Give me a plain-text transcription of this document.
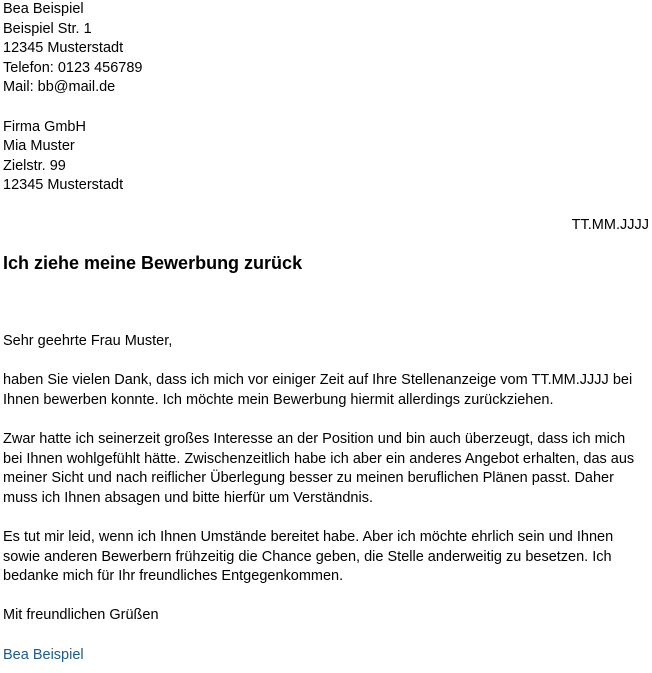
Bea Beispiel
Beispiel Str. 1
12345 Musterstadt
Telefon: 0123 456789
Mail: bb@mail.de
Firma GmbH
Mia Muster
Zielstr. 99
12345 Musterstadt
TT.MM.JJJJ
Ich ziehe meine Bewerbung zurück
Sehr geehrte Frau Muster,
haben Sie vielen Dank, dass ich mich vor einiger Zeit auf Ihre Stellenanzeige vom TT.MM.JJJJ bei
Ihnen bewerben konnte. Ich möchte mein Bewerbung hiermit allerdings zurückziehen.
Zwar hatte ich seinerzeit großes Interesse an der Position und bin auch überzeugt, dass ich mich
bei Ihnen wohlgefühlt hätte. Zwischenzeitlich habe ich aber ein anderes Angebot erhalten, das aus
meiner Sicht und nach reiflicher Überlegung besser zu meinen beruflichen Plänen passt. Daher
muss ich Ihnen absagen und bitte hierfür um Verständnis.
Es tut mir leid, wenn ich Ihnen Umstände bereitet habe. Aber ich möchte ehrlich sein und Ihnen
sowie anderen Bewerbern frühzeitig die Chance geben, die Stelle anderweitig zu besetzen. Ich
bedanke mich für Ihr freundliches Entgegenkommen.
Mit freundlichen Grüßen
Bea Beispiel
